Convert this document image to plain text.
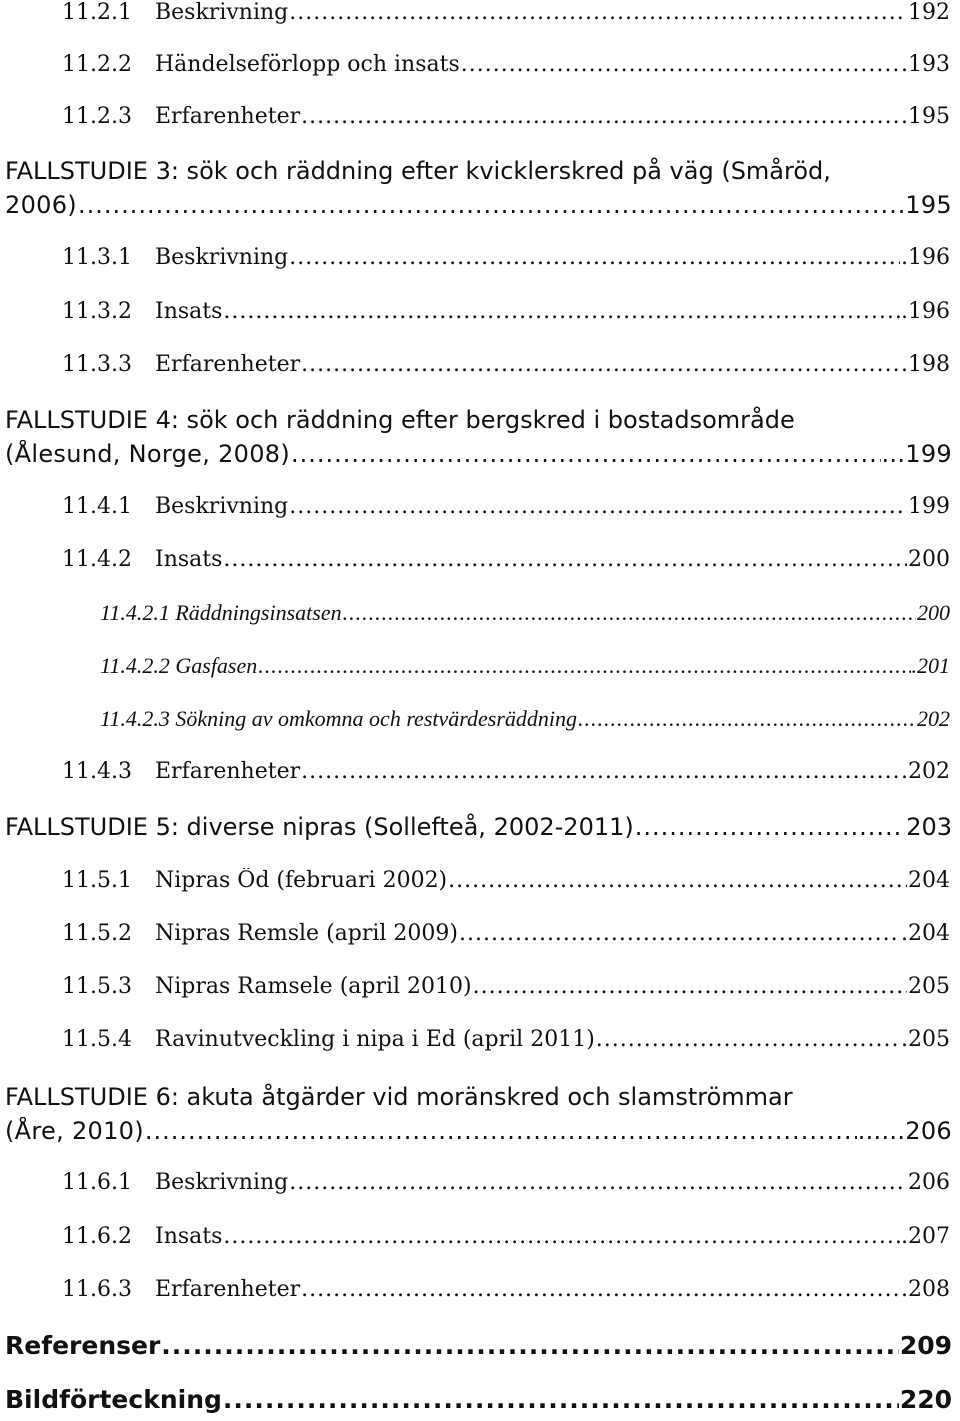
11.2.1	Beskrivning .....	192
11.2.2	Händelseförlopp och insats .....	.193
11.2.3	Erfarenheter .....	.195
FALLSTUDIE 3: sök och räddning efter kvicklerskred på väg (Småröd,
2006) .....	195
11.3.1	Beskrivning .....	.196
11.3.2	Insats .....	.196
11.3.3	Erfarenheter .....	.198
FALLSTUDIE 4: sök och räddning efter bergskred i bostadsområde
(Ålesund, Norge, 2008) .....	...199
11.4.1	Beskrivning .....	199
11.4.2	Insats .....	200
11.4.2.1 Räddningsinsatsen .....	200
11.4.2.2 Gasfasen .....	.201
11.4.2.3 Sökning av omkomna och restvärdesräddning .....	202
11.4.3	Erfarenheter .....	.202
FALLSTUDIE 5: diverse nipras (Sollefteå, 2002-2011) .....	203
11.5.1	Nipras Öd (februari 2002) .....	204
11.5.2	Nipras Remsle (april 2009) .....	.204
11.5.3	Nipras Ramsele (april 2010) .....	205
11.5.4	Ravinutveckling i nipa i Ed (april 2011) .....	.205
FALLSTUDIE 6: akuta åtgärder vid moränskred och slamströmmar
(Åre, 2010) .....	......206
11.6.1	Beskrivning .....	206
11.6.2	Insats .....	.207
11.6.3	Erfarenheter .....	.208
Referenser .....	209
Bildförteckning .....	220
